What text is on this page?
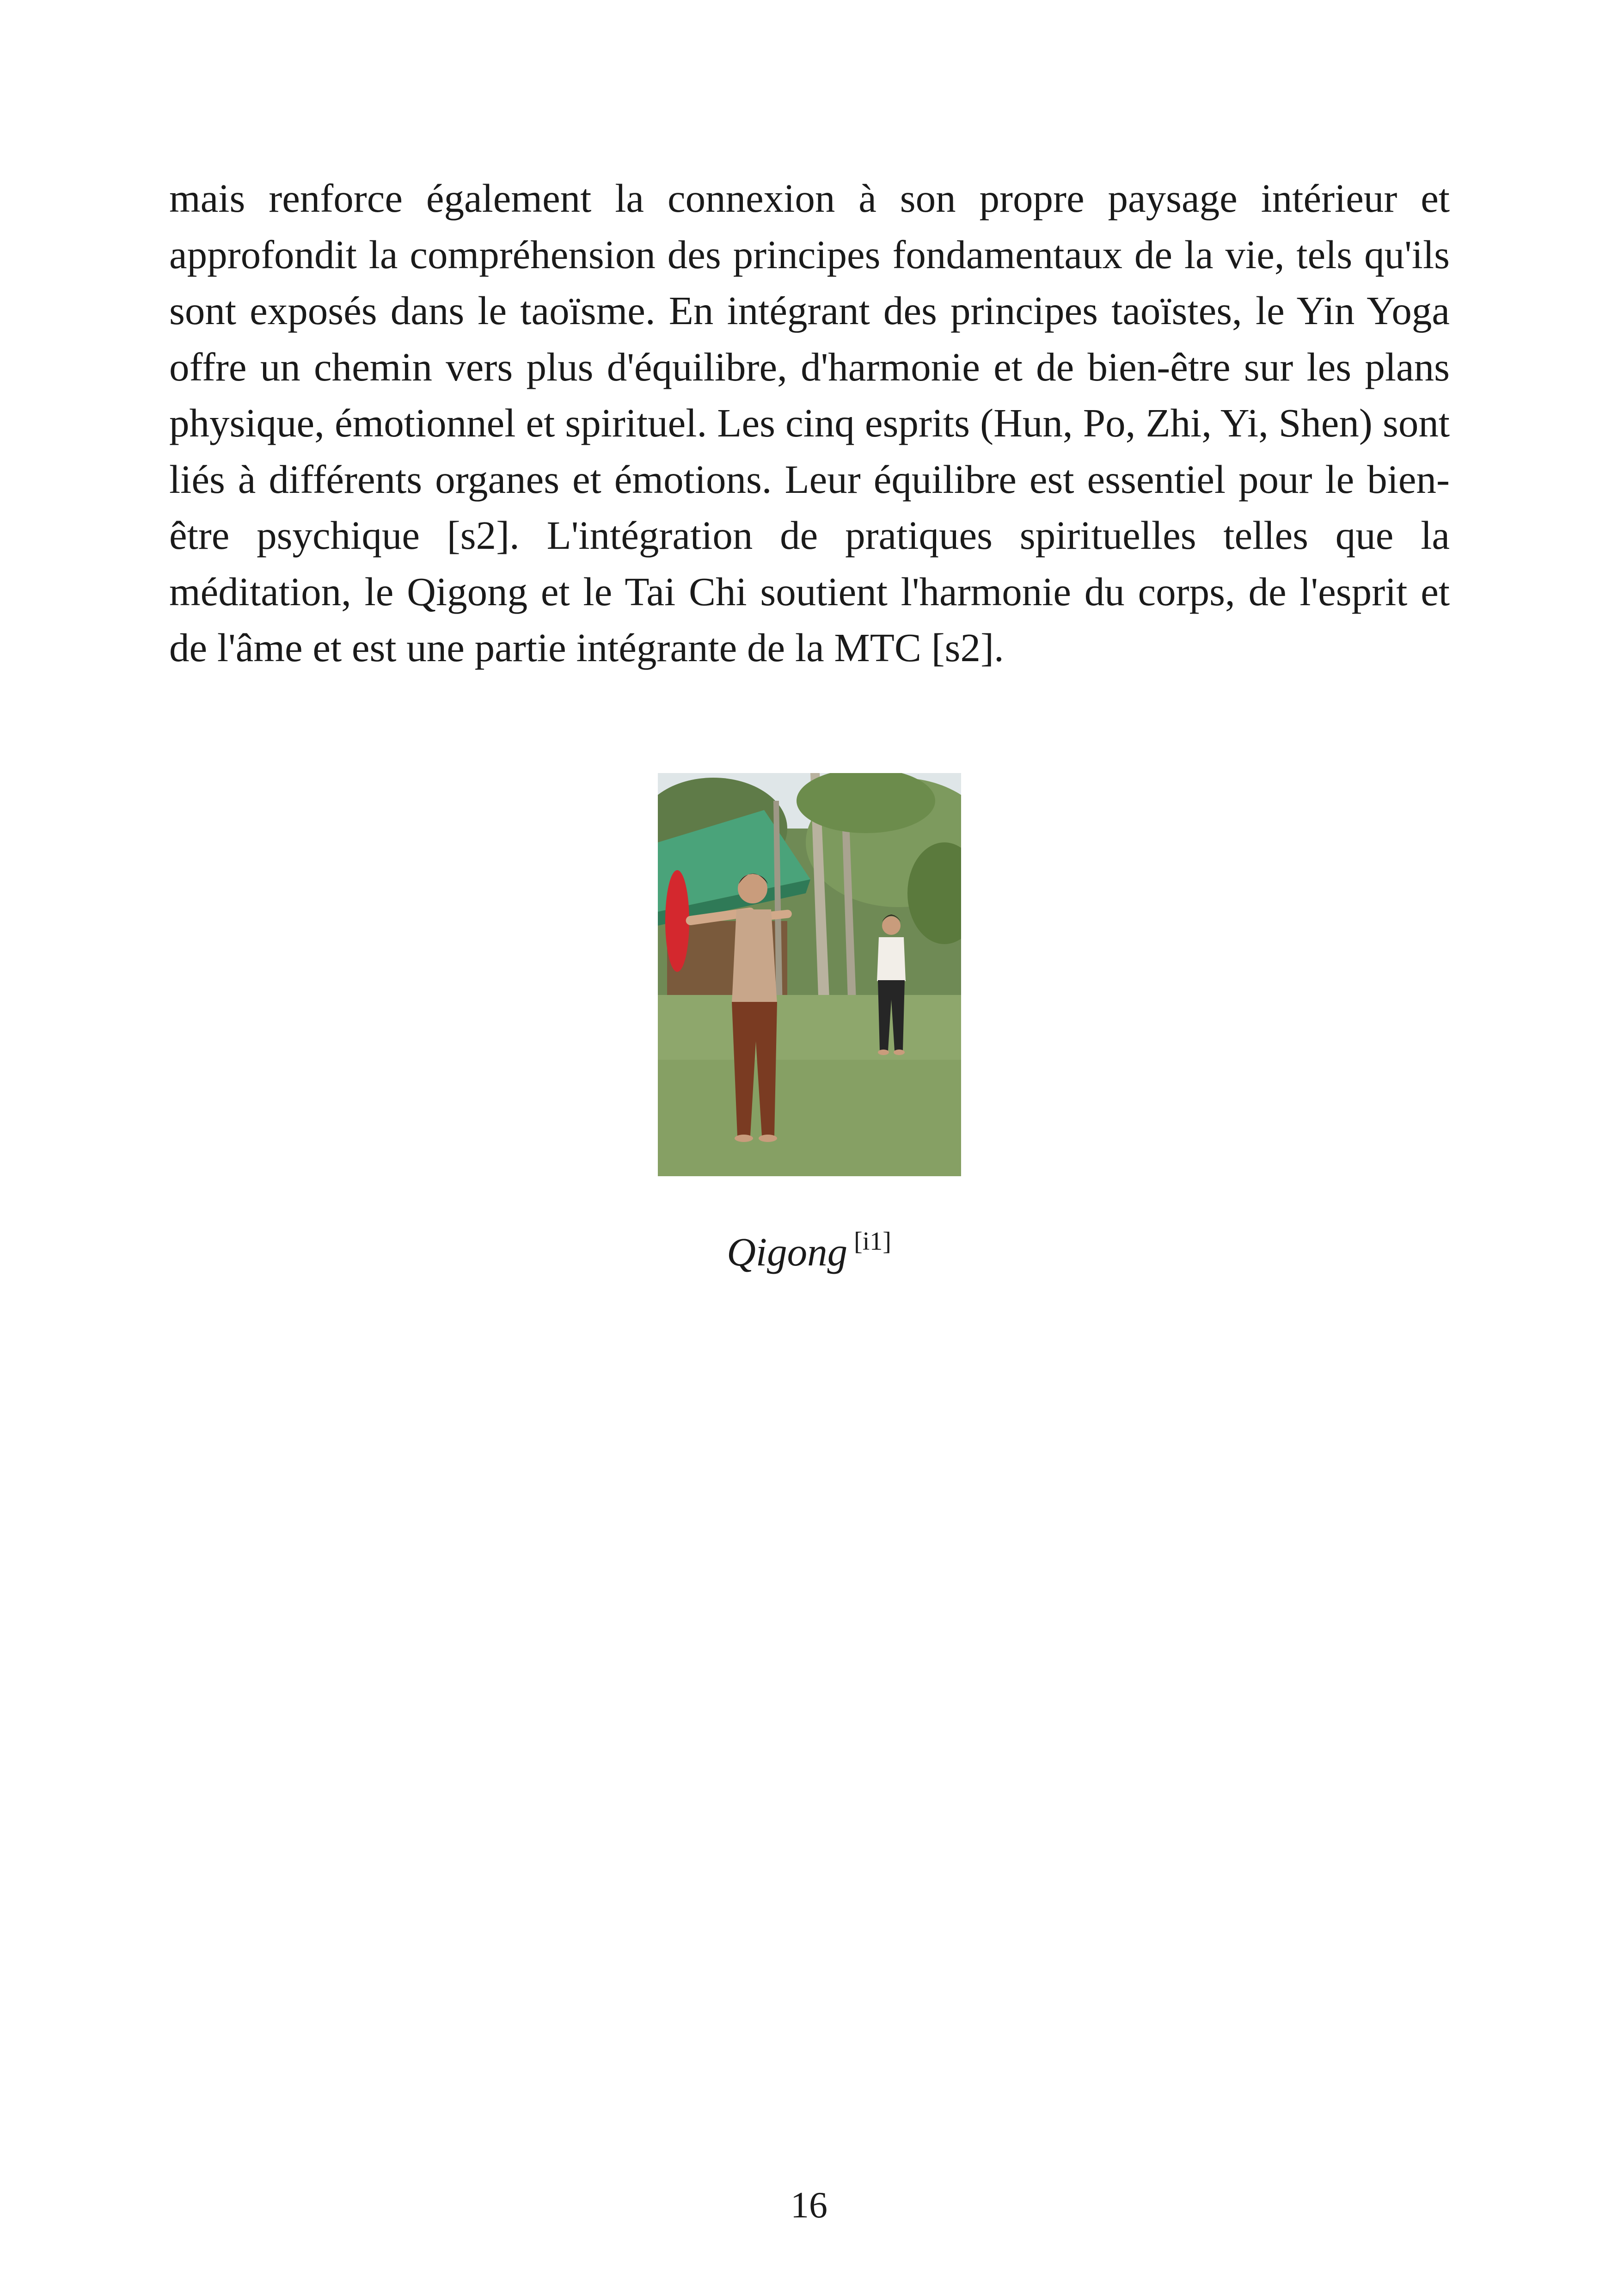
mais renforce également la connexion à son propre paysage intérieur et approfondit la compréhension des principes fondamentaux de la vie, tels qu'ils sont exposés dans le taoïsme. En intégrant des principes taoïstes, le Yin Yoga offre un chemin vers plus d'équilibre, d'harmonie et de bien-être sur les plans physique, émotionnel et spirituel. Les cinq esprits (Hun, Po, Zhi, Yi, Shen) sont liés à différents organes et émotions. Leur équilibre est essentiel pour le bien-être psychique [s2]. L'intégration de pratiques spirituelles telles que la méditation, le Qigong et le Tai Chi soutient l'harmonie du corps, de l'esprit et de l'âme et est une partie intégrante de la MTC [s2].

Qigong [i1]
16
